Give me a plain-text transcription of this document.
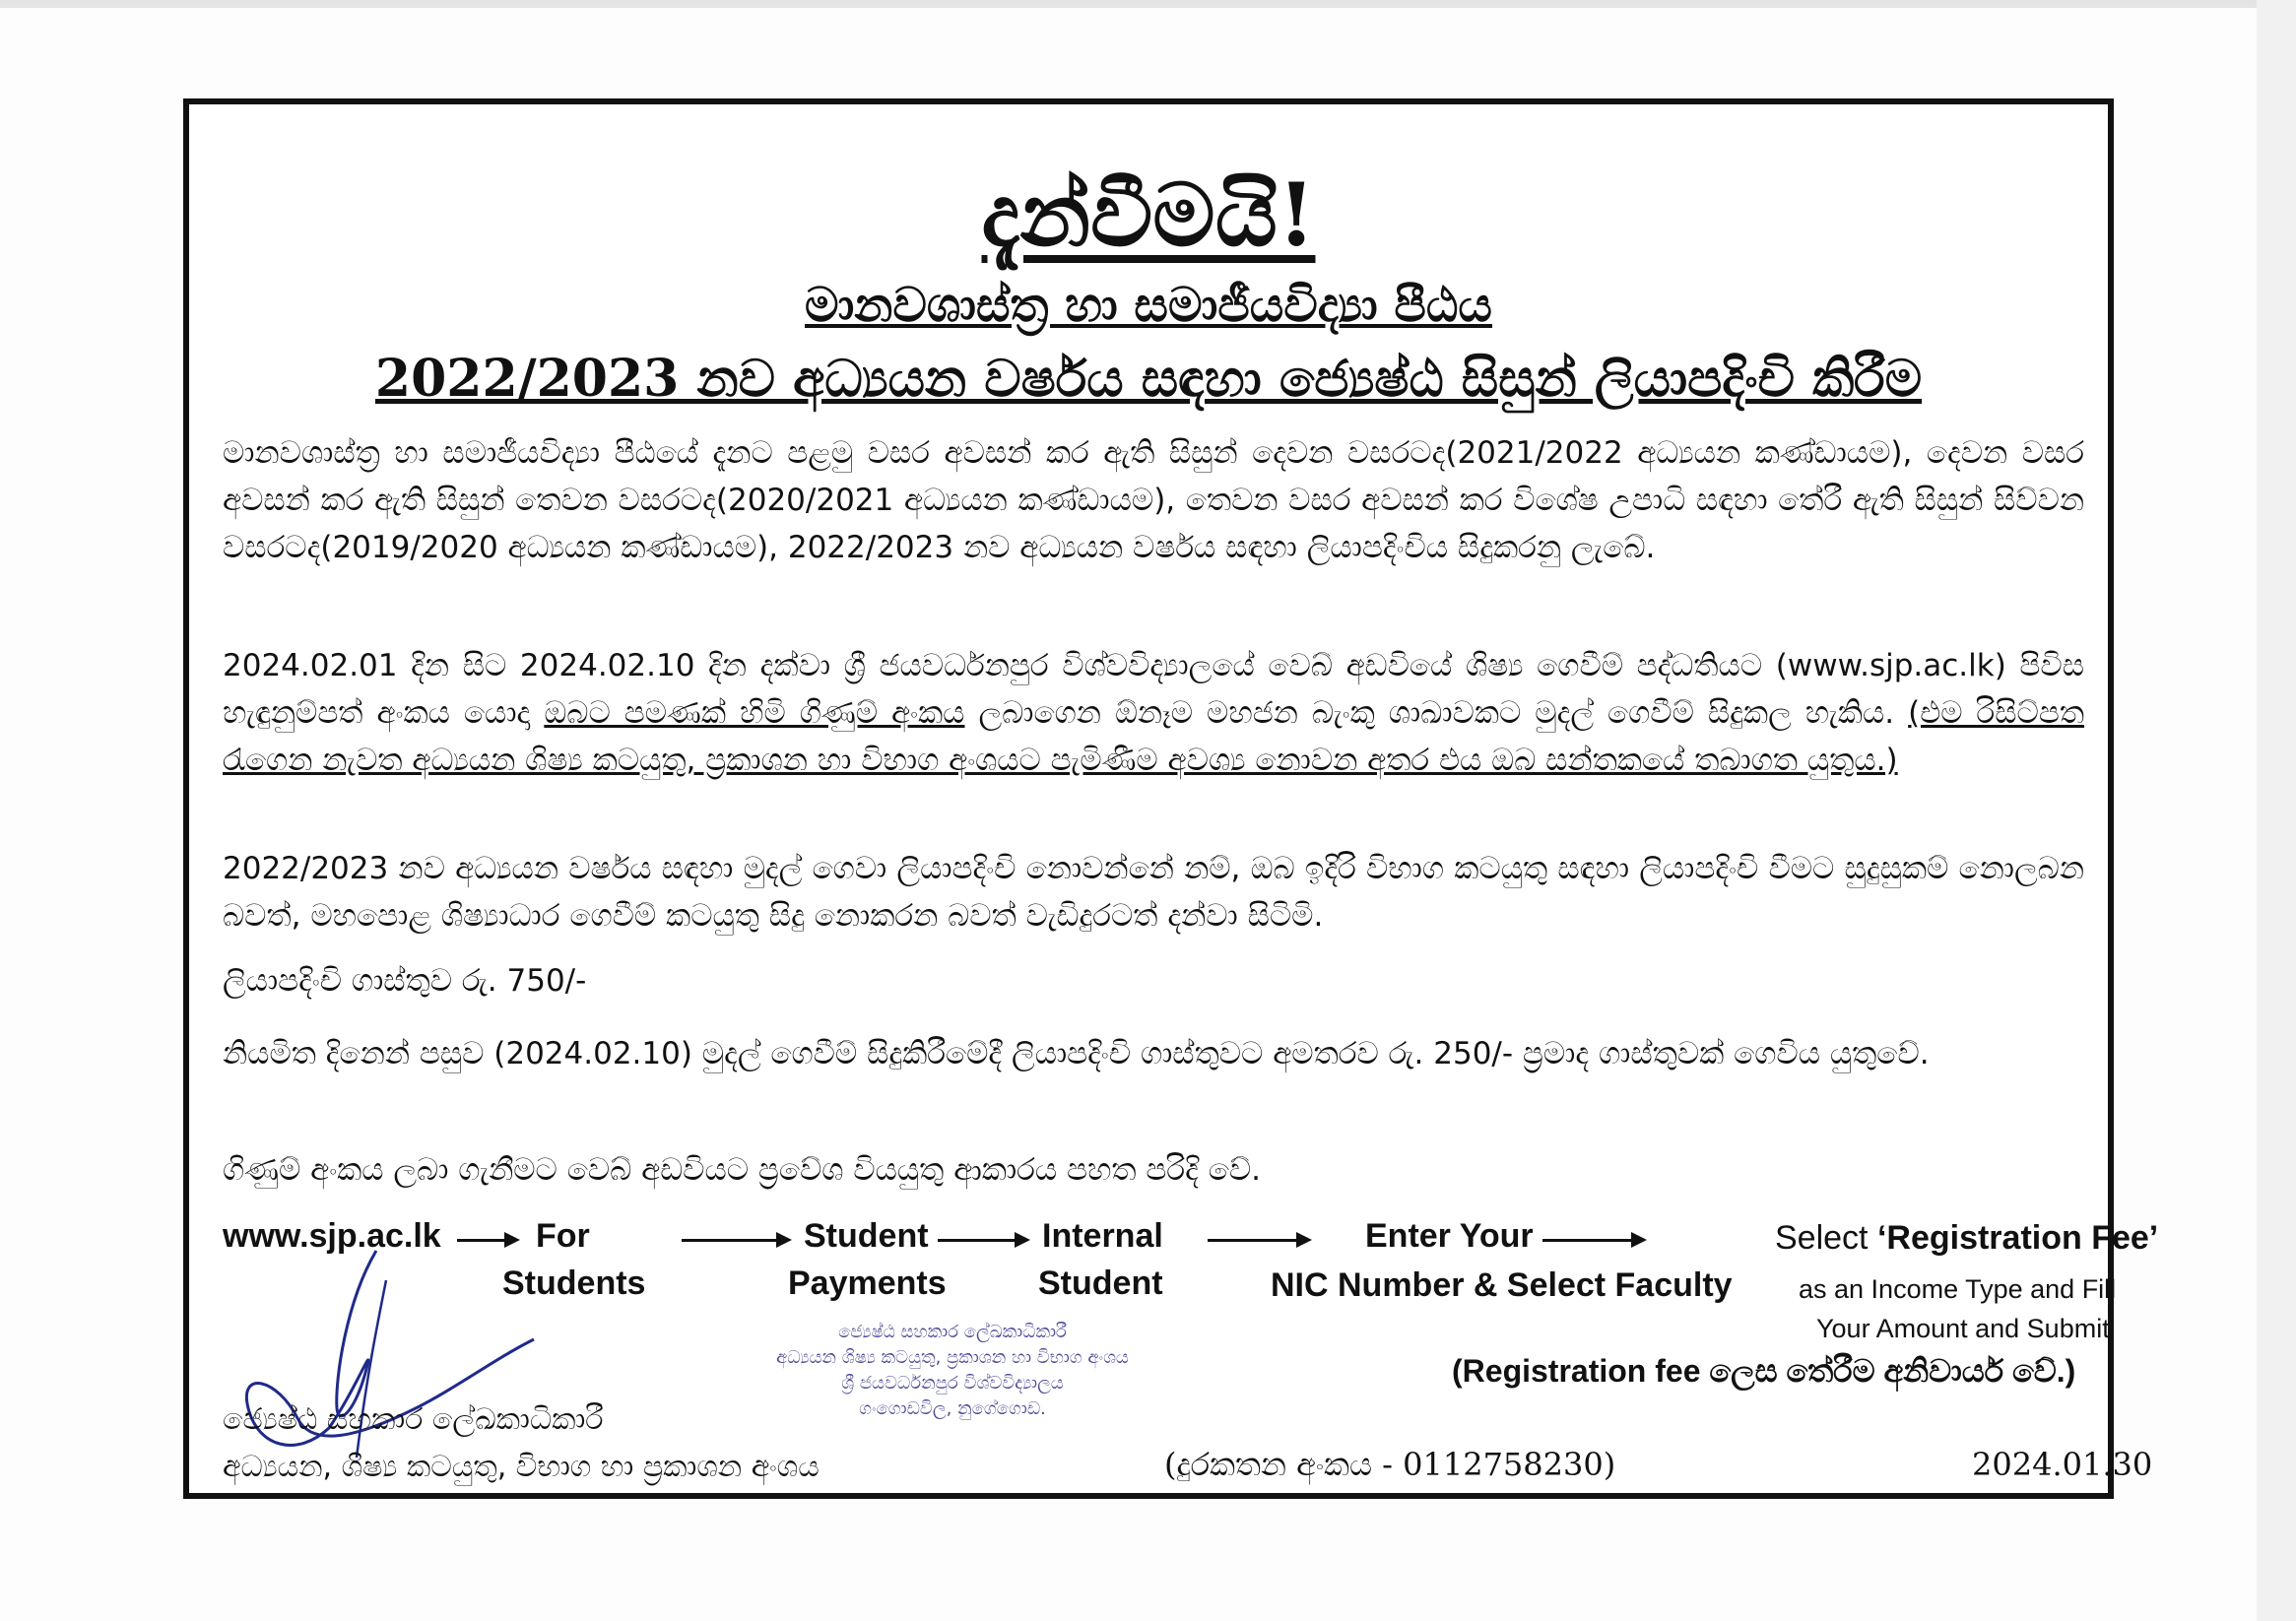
දැන්වීමයි!
මානවශාස්ත්‍ර හා සමාජීයවිද්‍යා පීඨය
2022/2023 නව අධ්‍යයන වර්ෂය සඳහා ජ්‍යෙෂ්ඨ සිසුන් ලියාපදිංචි කිරීම
මානවශාස්ත්‍ර හා සමාජීයවිද්‍යා පීඨයේ දැනට පළමු වසර අවසන් කර ඇති සිසුන් දෙවන වසරටද(2021/2022 අධ්‍යයන කණ්ඩායම), දෙවන වසර අවසන් කර ඇති සිසුන් තෙවන වසරටද(2020/2021 අධ්‍යයන කණ්ඩායම), තෙවන වසර අවසන් කර විශේෂ උපාධි සඳහා තේරී ඇති සිසුන් සිව්වන වසරටද(2019/2020 අධ්‍යයන කණ්ඩායම), 2022/2023 නව අධ්‍යයන වර්ෂය සඳහා ලියාපදිංචිය සිදුකරනු ලැබේ.
2024.02.01 දින සිට 2024.02.10 දින දක්වා ශ්‍රී ජයවර්ධනපුර විශ්වවිද්‍යාලයේ වෙබ් අඩවියේ ශිෂ්‍ය ගෙවීම් පද්ධතියට (www.sjp.ac.lk) පිවිස හැඳුනුම්පත් අංකය යොදා ඔබට පමණක් හිමි ගිණුම් අංකය ලබාගෙන ඕනෑම මහජන බැංකු ශාඛාවකට මුදල් ගෙවීම් සිදුකල හැකිය. (එම රිසිට්පත රැගෙන නැවත අධ්‍යයන ශිෂ්‍ය කටයුතු, ප්‍රකාශන හා විභාග අංශයට පැමිණීම අවශ්‍ය නොවන අතර එය ඔබ සන්තකයේ තබාගත යුතුය.)
2022/2023 නව අධ්‍යයන වර්ෂය සඳහා මුදල් ගෙවා ලියාපදිංචි නොවන්නේ නම්, ඔබ ඉදිරි විභාග කටයුතු සඳහා ලියාපදිංචි වීමට සුදුසුකම් නොලබන බවත්, මහපොළ ශිෂ්‍යාධාර ගෙවීම් කටයුතු සිදු නොකරන බවත් වැඩිදුරටත් දන්වා සිටිමි.
ලියාපදිංචි ගාස්තුව රු. 750/-
නියමිත දිනෙන් පසුව (2024.02.10) මුදල් ගෙවීම් සිදුකිරීමේදී ලියාපදිංචි ගාස්තුවට අමතරව රු. 250/- ප්‍රමාද ගාස්තුවක් ගෙවිය යුතුවේ.
ගිණුම් අංකය ලබා ගැනීමට වෙබ් අඩවියට ප්‍රවේශ වියයුතු ආකාරය පහත පරිදි වේ.
www.sjp.ac.lk	For
Students
Student
Payments
Internal
Student
Enter Your
NIC Number & Select Faculty
Select ‘Registration Fee’
as an Income Type and Fill
Your Amount and Submit
(Registration fee ලෙස තේරීම අනිවාර්ය වේ.)
ජ්‍යෙෂ්ඨ සහකාර ලේඛකාධිකාරී
අධ්‍යයන ශිෂ්‍ය කටයුතු, ප්‍රකාශන හා විභාග අංශය
ශ්‍රී ජයවර්ධනපුර විශ්වවිද්‍යාලය
ගංගොඩවිල, නුගේගොඩ.
ජ්‍යෙෂ්ඨ සහකාර ලේඛකාධිකාරී
අධ්‍යයන, ශිෂ්‍ය කටයුතු, විභාග හා ප්‍රකාශන අංශය	(දුරකතන අංකය - 0112758230)	2024.01.30
